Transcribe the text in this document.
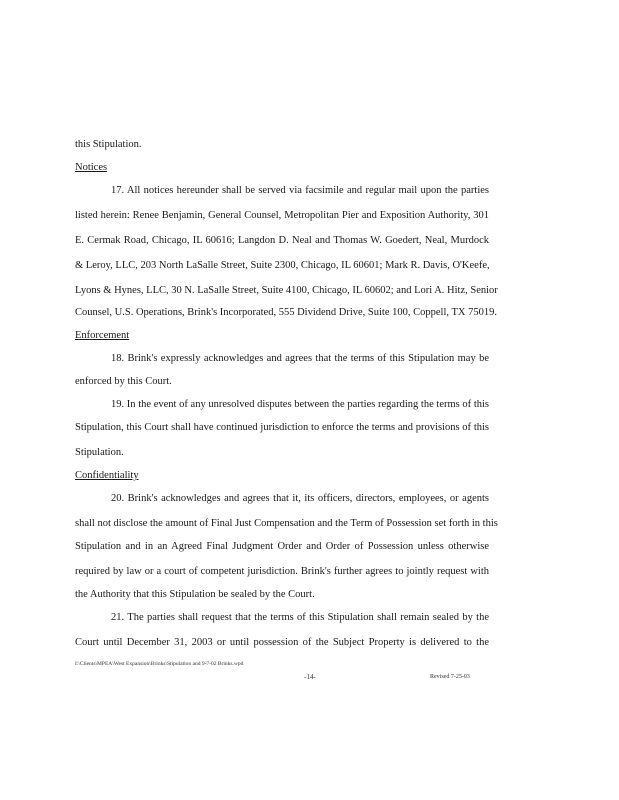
this Stipulation.
Notices
17. All notices hereunder shall be served via facsimile and regular mail upon the parties
listed herein: Renee Benjamin, General Counsel, Metropolitan Pier and Exposition Authority, 301
E. Cermak Road, Chicago, IL 60616; Langdon D. Neal and Thomas W. Goedert, Neal, Murdock
& Leroy, LLC, 203 North LaSalle Street, Suite 2300, Chicago, IL 60601; Mark R. Davis, O'Keefe,
Lyons & Hynes, LLC, 30 N. LaSalle Street, Suite 4100, Chicago, IL 60602; and Lori A. Hitz, Senior
Counsel, U.S. Operations, Brink's Incorporated, 555 Dividend Drive, Suite 100, Coppell, TX 75019.
Enforcement
18. Brink's expressly acknowledges and agrees that the terms of this Stipulation may be
enforced by this Court.
19. In the event of any unresolved disputes between the parties regarding the terms of this
Stipulation, this Court shall have continued jurisdiction to enforce the terms and provisions of this
Stipulation.
Confidentiality
20. Brink's acknowledges and agrees that it, its officers, directors, employees, or agents
shall not disclose the amount of Final Just Compensation and the Term of Possession set forth in this
Stipulation and in an Agreed Final Judgment Order and Order of Possession unless otherwise
required by law or a court of competent jurisdiction. Brink's further agrees to jointly request with
the Authority that this Stipulation be sealed by the Court.
21. The parties shall request that the terms of this Stipulation shall remain sealed by the
Court until December 31, 2003 or until possession of the Subject Property is delivered to the
I:\Clients\MPEA\West Expansion\Brinks\Stipulation and 9-7-02 Brinks.wpd
-14-	Revised 7-25-03
